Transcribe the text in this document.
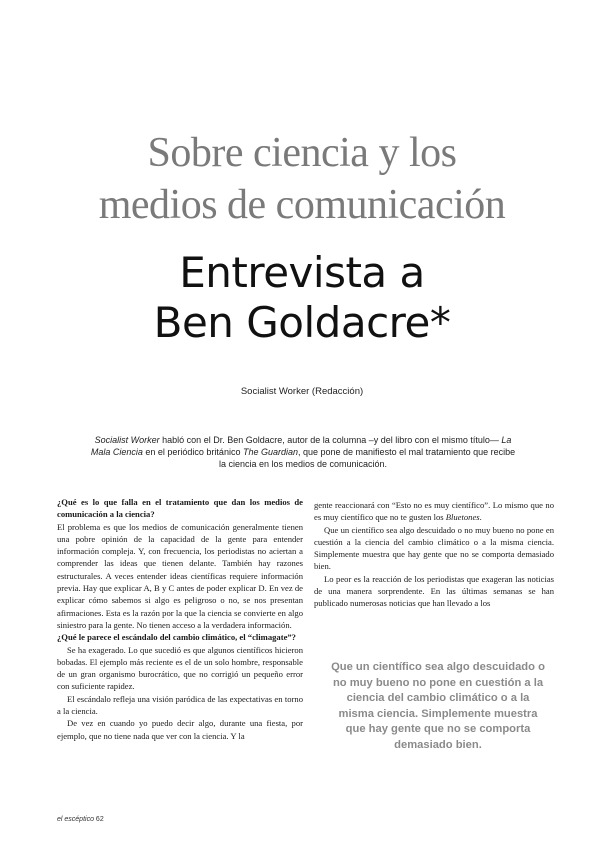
Sobre ciencia y los
medios de comunicación
Entrevista a
Ben Goldacre*
Socialist Worker (Redacción)
Socialist Worker habló con el Dr. Ben Goldacre, autor de la columna –y del libro con el mismo título— La Mala Ciencia en el periódico británico The Guardian, que pone de manifiesto el mal tratamiento que recibe la ciencia en los medios de comunicación.

¿Qué es lo que falla en el tratamiento que dan los medios de comunicación a la ciencia?

El problema es que los medios de comunicación generalmente tienen una pobre opinión de la capacidad de la gente para entender información compleja. Y, con frecuencia, los periodistas no aciertan a comprender las ideas que tienen delante. También hay razones estructurales. A veces entender ideas científicas requiere información previa. Hay que explicar A, B y C antes de poder explicar D. En vez de explicar cómo sabemos si algo es peligroso o no, se nos presentan afirmaciones. Esta es la razón por la que la ciencia se convierte en algo siniestro para la gente. No tienen acceso a la verdadera información.

¿Qué le parece el escándalo del cambio climático, el “climagate”?

Se ha exagerado. Lo que sucedió es que algunos científicos hicieron bobadas. El ejemplo más reciente es el de un solo hombre, responsable de un gran organismo burocrático, que no corrigió un pequeño error con suficiente rapidez.

El escándalo refleja una visión paródica de las expectativas en torno a la ciencia.

De vez en cuando yo puedo decir algo, durante una fiesta, por ejemplo, que no tiene nada que ver con la ciencia. Y la

gente reaccionará con “Esto no es muy científico”. Lo mismo que no es muy científico que no te gusten los Bluetones.

Que un científico sea algo descuidado o no muy bueno no pone en cuestión a la ciencia del cambio climático o a la misma ciencia. Simplemente muestra que hay gente que no se comporta demasiado bien.

Lo peor es la reacción de los periodistas que exageran las noticias de una manera sorprendente. En las últimas semanas se han publicado numerosas noticias que han llevado a los

Que un científico sea algo descuidado o no muy bueno no pone en cuestión a la ciencia del cambio climático o a la misma ciencia. Simplemente muestra que hay gente que no se comporta demasiado bien.
el escéptico 62
